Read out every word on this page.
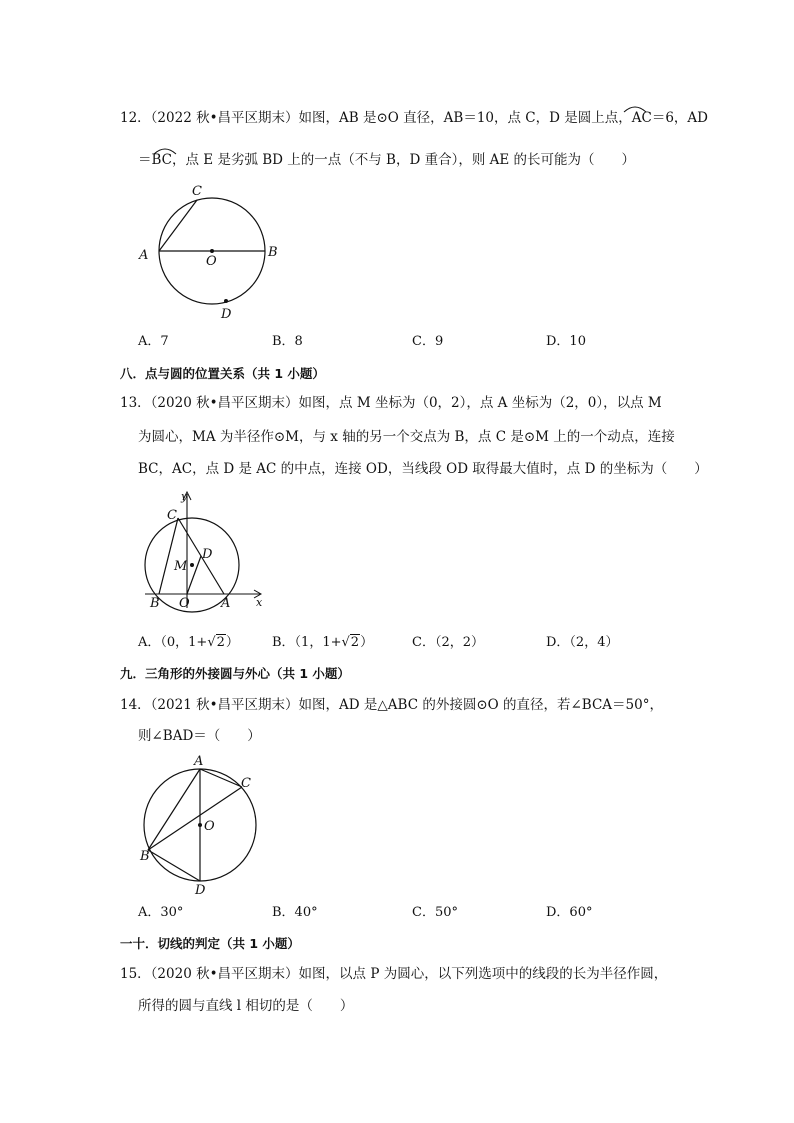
12．（2022 秋•昌平区期末）如图，AB 是⊙O 直径，AB＝10，点 C，D 是圆上点，AC＝6，AD
＝BC，点 E 是劣弧 BD 上的一点（不与 B，D 重合），则 AE 的长可能为（　　）
C
A	O
B
D
A．7	B．8	C．9	D．10
八．点与圆的位置关系（共 1 小题）
13．（2020 秋•昌平区期末）如图，点 M 坐标为（0，2），点 A 坐标为（2，0），以点 M
为圆心，MA 为半径作⊙M，与 x 轴的另一个交点为 B，点 C 是⊙M 上的一个动点，连接
BC，AC，点 D 是 AC 的中点，连接 OD，当线段 OD 取得最大值时，点 D 的坐标为（　　）
y
C
D
M
B O A x
A．（0，1+√2）	B．（1，1+√2）	C．（2，2）	D．（2，4）
九．三角形的外接圆与外心（共 1 小题）
14．（2021 秋•昌平区期末）如图，AD 是△ABC 的外接圆⊙O 的直径，若∠BCA＝50°，
则∠BAD＝（　　）
A
C
O
B
D
A．30°	B．40°	C．50°	D．60°
一十．切线的判定（共 1 小题）
15．（2020 秋•昌平区期末）如图，以点 P 为圆心，以下列选项中的线段的长为半径作圆，
所得的圆与直线 l 相切的是（　　）
